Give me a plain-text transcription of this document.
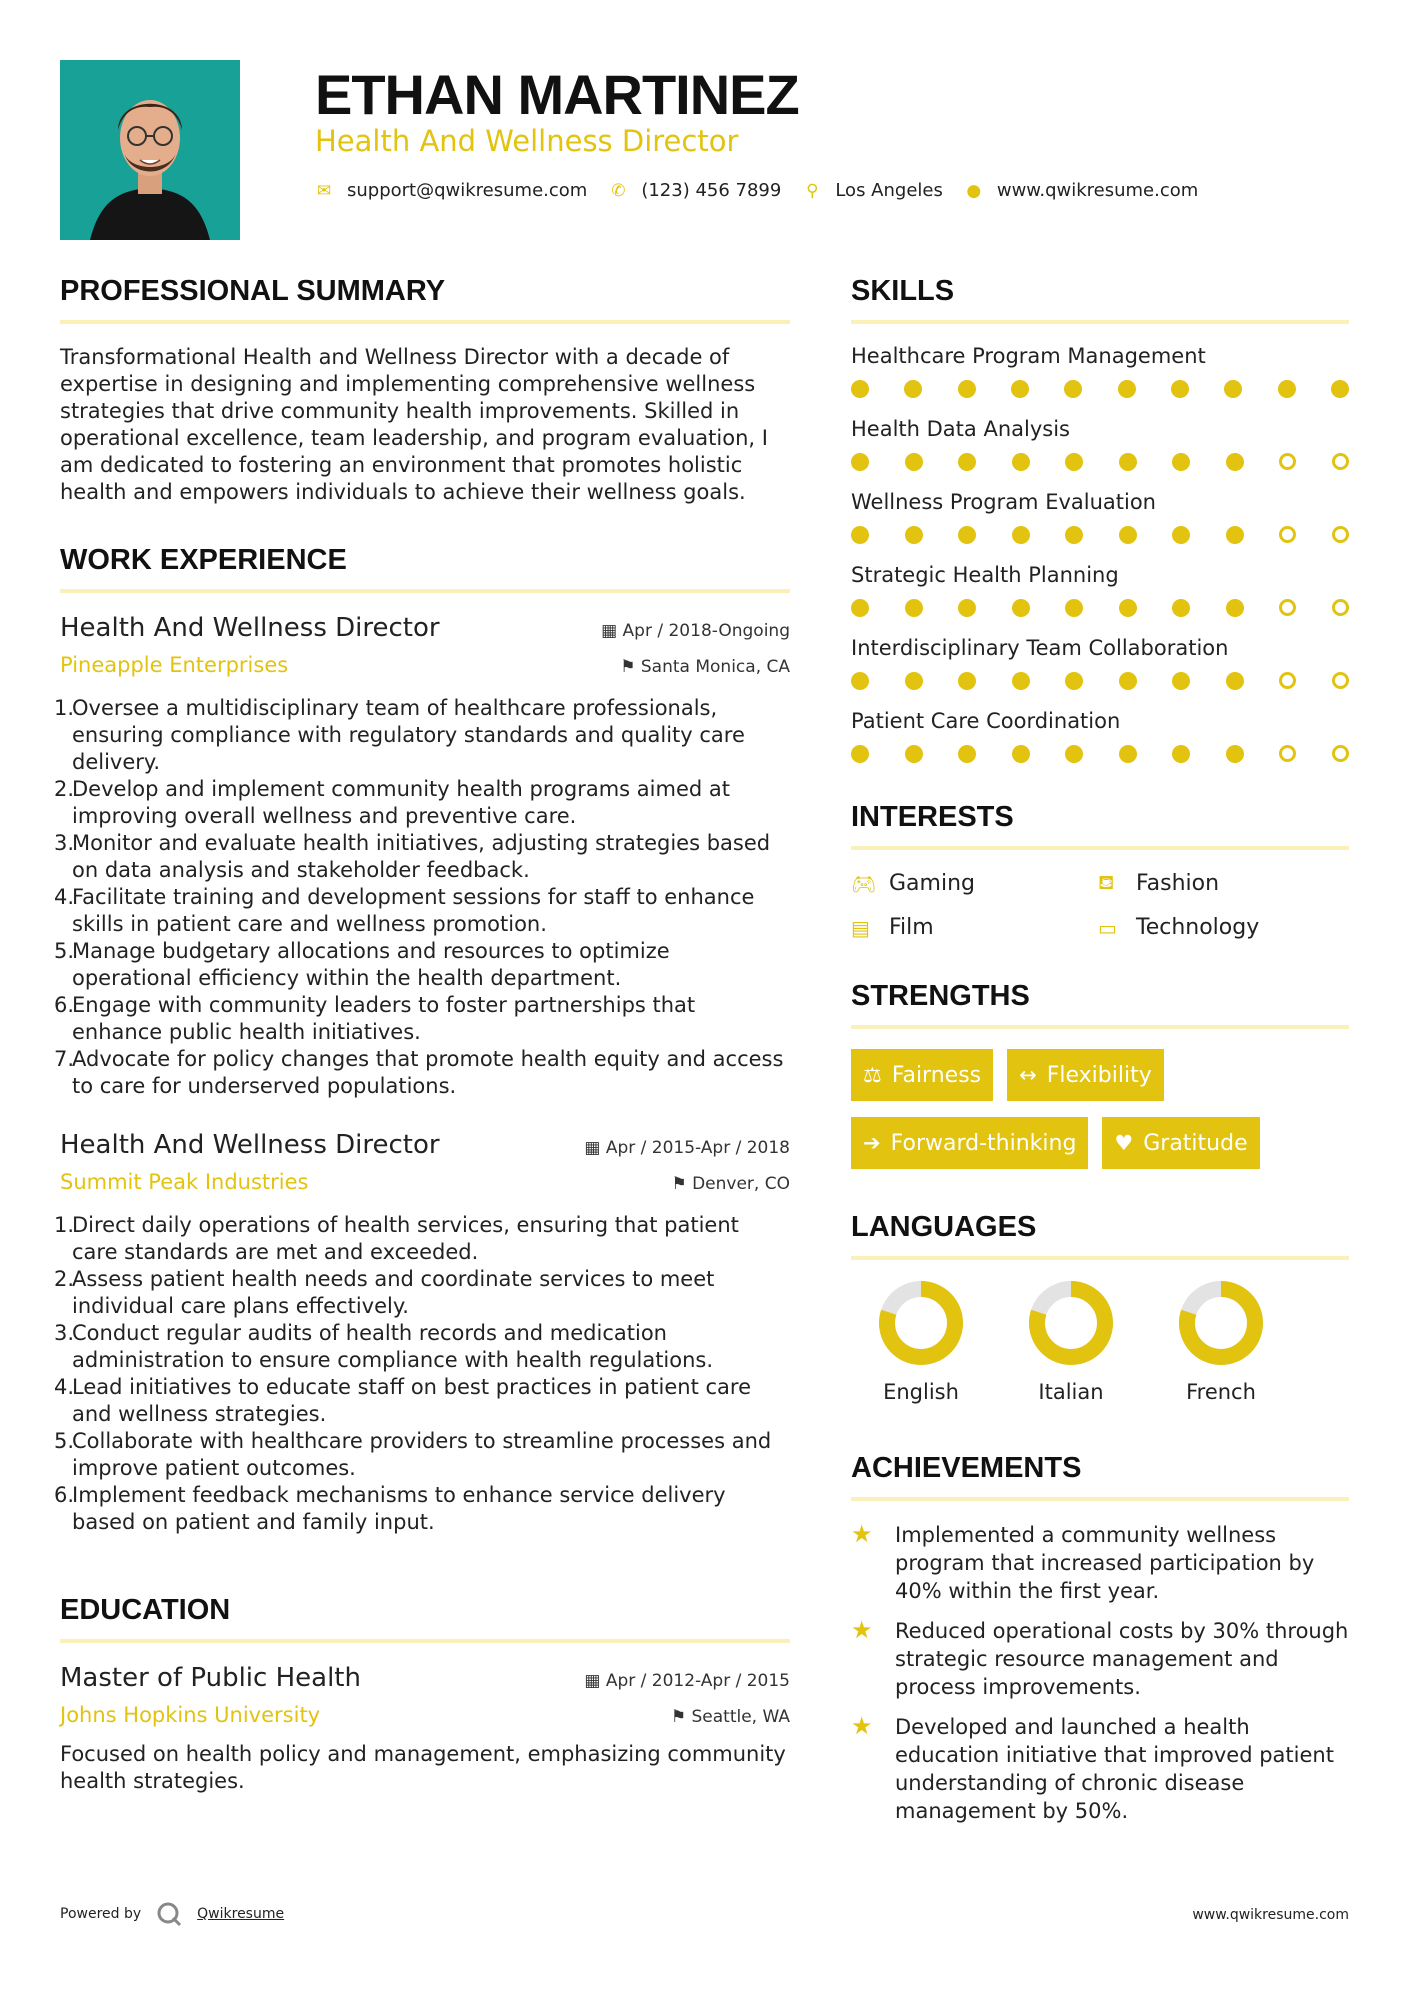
ETHAN MARTINEZ
Health And Wellness Director
✉ support@qwikresume.com ✆ (123) 456 7899 ⚲ Los Angeles ● www.qwikresume.com
PROFESSIONAL SUMMARY
Transformational Health and Wellness Director with a decade of expertise in designing and implementing comprehensive wellness strategies that drive community health improvements. Skilled in operational excellence, team leadership, and program evaluation, I am dedicated to fostering an environment that promotes holistic health and empowers individuals to achieve their wellness goals.
WORK EXPERIENCE
Health And Wellness Director	▦ Apr / 2018-Ongoing
Pineapple Enterprises	⚑ Santa Monica, CA
1.
Oversee a multidisciplinary team of healthcare professionals, ensuring compliance with regulatory standards and quality care delivery.
2.
Develop and implement community health programs aimed at improving overall wellness and preventive care.
3.
Monitor and evaluate health initiatives, adjusting strategies based on data analysis and stakeholder feedback.
4.
Facilitate training and development sessions for staff to enhance skills in patient care and wellness promotion.
5.
Manage budgetary allocations and resources to optimize operational efficiency within the health department.
6.
Engage with community leaders to foster partnerships that enhance public health initiatives.
7.
Advocate for policy changes that promote health equity and access to care for underserved populations.
Health And Wellness Director	▦ Apr / 2015-Apr / 2018
Summit Peak Industries	⚑ Denver, CO
1.
Direct daily operations of health services, ensuring that patient care standards are met and exceeded.
2.
Assess patient health needs and coordinate services to meet individual care plans effectively.
3.
Conduct regular audits of health records and medication administration to ensure compliance with health regulations.
4.
Lead initiatives to educate staff on best practices in patient care and wellness strategies.
5.
Collaborate with healthcare providers to streamline processes and improve patient outcomes.
6.
Implement feedback mechanisms to enhance service delivery based on patient and family input.
EDUCATION
Master of Public Health	▦ Apr / 2012-Apr / 2015
Johns Hopkins University	⚑ Seattle, WA
Focused on health policy and management, emphasizing community health strategies.
SKILLS
Healthcare Program Management
Health Data Analysis
Wellness Program Evaluation
Strategic Health Planning
Interdisciplinary Team Collaboration
Patient Care Coordination
INTERESTS
🎮︎ Gaming	⛾ Fashion
▤ Film	▭ Technology
STRENGTHS
⚖ Fairness ↔ Flexibility
➔ Forward-thinking ♥ Gratitude
LANGUAGES
English	Italian	French
ACHIEVEMENTS
★	Implemented a community wellness program that increased participation by 40% within the first year.
★	Reduced operational costs by 30% through strategic resource management and process improvements.
★	Developed and launched a health education initiative that improved patient understanding of chronic disease management by 50%.
Powered by	Qwikresume	www.qwikresume.com
